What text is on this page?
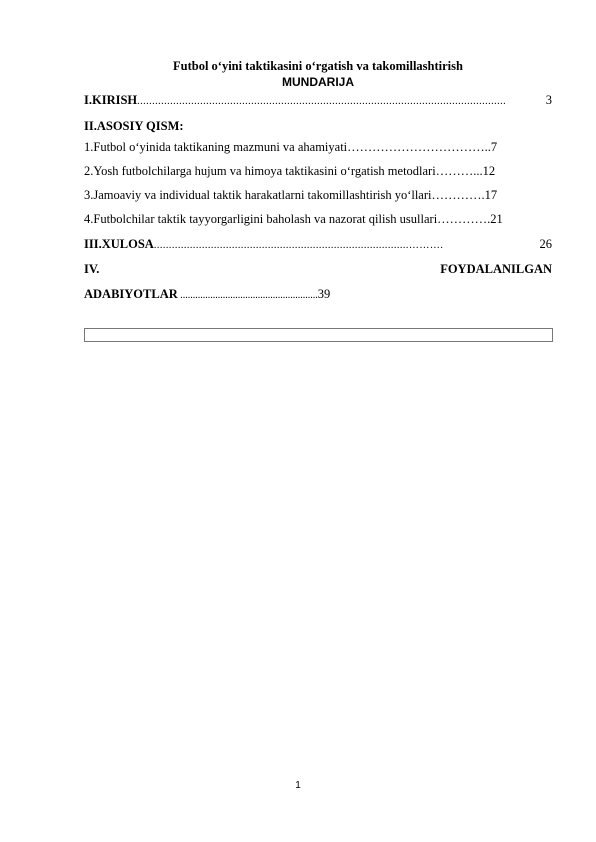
Futbol o‘yini taktikasini o‘rgatish va takomillashtirish
MUNDARIJA
I.KIRISH ...........................................................................................................................	3
II.ASOSIY QISM:
1.Futbol o‘yinida taktikaning mazmuni va ahamiyati …………………………….. 7
2.Yosh futbolchilarga hujum va himoya taktikasini o‘rgatish metodlari ………... 12
3.Jamoaviy va individual taktik harakatlarni takomillashtirish yo‘llari …………. 17
4.Futbolchilar taktik tayyorgarligini baholash va nazorat qilish usullari …………. 21
III.XULOSA .....................................................................................……….	26
IV.	FOYDALANILGAN
ADABIYOTLAR .......................................................39
1
